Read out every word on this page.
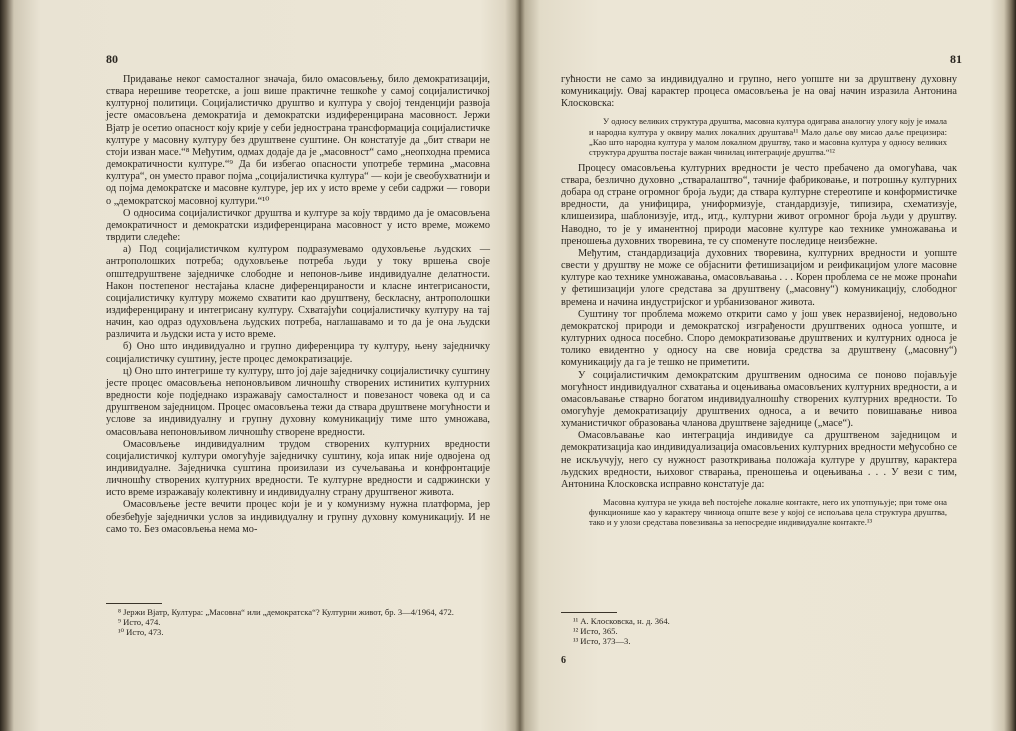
80

Придавање неког самосталног значаја, било омасовљењу, било демократизацији, ствара нерешиве теоретске, а још више практичне тешкоће у самој социјалистичкој културној политици. Социјалистичко друштво и култура у својој тенденцији развоја јесте омасовљена демократија и демократски издиференцирана масовност. Јержи Вјатр је осетио опасност коју крије у себи једнострана трансформација социјалистичке културе у масовну културу без друштвене суштине. Он констатује да „бит ствари не стоји изван масе.“⁸ Међутим, одмах додаје да је „масовност“ само „неопходна премиса демократичности културе.“⁹ Да би избегао опасности употребе термина „масовна култура“, он уместо правог појма „социјалистичка култура“ — који је свеобухватнији и од појма демократске и масовне културе, јер их у исто време у себи садржи — говори о „демократској масовној култури.“¹⁰

О односима социјалистичког друштва и културе за коју тврдимо да је омасовљена демократичност и демократски издиференцирана масовност у исто време, можемо тврдити следеће:

а) Под социјалистичком културом подразумевамо одуховљење људских — антрополошких потреба; одуховљење потреба људи у току вршења своје општедруштвене заједничке слободне и непонов-љиве индивидуалне делатности. Након постепеног нестајања класне диференцираности и класне интегрисаности, социјалистичку културу можемо схватити као друштвену, бескласну, антрополошки издиференцирану и интегрисану културу. Схватајући социјалистичку културу на тај начин, као одраз одуховљена људских потреба, наглашавамо и то да је она људски различита и људски иста у исто време.

б) Оно што индивидуално и групно диференцира ту културу, њену заједничку социјалистичку суштину, јесте процес демократизације.

ц) Оно што интегрише ту културу, што јој даје заједничку социјалистичку суштину јесте процес омасовљења непоновљивом личношћу створених истинитих културних вредности које подједнако изражавају самосталност и повезаност човека од и са друштвеном заједницом. Процес омасовљења тежи да ствара друштвене могућности и услове за индивидуалну и групну духовну комуникацију тиме што умножава, омасовљава непоновљивом личношћу створене вредности.

Омасовљење индивидуалним трудом створених културних вредности социјалистичкој култури омогућује заједничку суштину, која ипак није одвојена од индивидуалне. Заједничка суштина произилази из сучељавања и конфронтације личношћу створених културних вредности. Те културне вредности и садржински у исто време изражавају колективну и индивидуалну страну друштвеног живота.

Омасовљење јесте вечити процес који је и у комунизму нужна платформа, јер обезбеђује заједнички услов за индивидуалну и групну духовну комуникацију. И не само то. Без омасовљења нема мо-

⁸ Јержи Вјатр, Култура: „Масовна“ или „демократска“? Културни живот, бр. 3—4/1964, 472.

⁹ Исто, 474.

¹⁰ Исто, 473.

81

гућности не само за индивидуално и групно, него уопште ни за друштвену духовну комуникацију. Овај карактер процеса омасовљења је на овај начин изразила Антонина Клосковска:

У односу великих структура друштва, масовна култура одиграва аналогну улогу коју је имала и народна култура у оквиру малих локалних друштава¹¹ Мало даље ову мисао даље прецизира: „Као што народна култура у малом локалном друштву, тако и масовна култура у односу великих структура друштва постаје важан чинилац интеграције друштва.“¹²

Процесу омасовљења културних вредности је често пребачено да омогућава, чак ствара, безлично духовно „стваралаштво“, тачније фабриковање, и потрошњу културних добара од стране огромног броја људи; да ствара културне стереотипе и конформистичке вредности, да унифицира, униформизује, стандардизује, типизира, схематизује, клишеизира, шаблонизује, итд., итд., културни живот огромног броја људи у друштву. Наводно, то је у иманентној природи масовне културе као технике умножавања и преношења духовних творевина, те су споменуте последице неизбежне.

Међутим, стандардизација духовних творевина, културних вредности и уопште свести у друштву не може се објаснити фетишизацијом и реификацијом улоге масовне културе као технике умножавања, омасовљавања . . . Корен проблема се не може пронаћи у фетишизацији улоге средстава за друштвену („масовну“) комуникацију, слободног времена и начина индустријског и урбанизованог живота.

Суштину тог проблема можемо открити само у још увек неразвијеној, недовољно демократској природи и демократској изграђености друштвених односа уопште, и културних односа посебно. Споро демократизовање друштвених и културних односа је толико евидентно у односу на све новија средства за друштвену („масовну“) комуникацију да га је тешко не приметити.

У социјалистичким демократским друштвеним односима се поново појављује могућност индивидуалног схватања и оцењивања омасовљених културних вредности, а и омасовљавање стварно богатом индивидуалношћу створених културних вредности. То омогућује демократизацију друштвених односа, а и вечито повишавање нивоа хуманистичког образовања чланова друштвене заједнице („масе“).

Омасовљавање као интеграција индивидуе са друштвеном заједницом и демократизација као индивидуализација омасовљених културних вредности међусобно се не искључују, него су нужност разоткривања положаја културе у друштву, карактера људских вредности, њиховог стварања, преношења и оцењивања . . . У вези с тим, Антонина Клосковска исправно констатује да:

Масовна култура не укида већ постојеће локалне контакте, него их употпуњује; при томе она функционише као у карактеру чиниоца опште везе у којој се испољава цела структура друштва, тако и у улози средстава повезивања за непосредне индивидуалне контакте.¹³

¹¹ А. Клосковска, н. д. 364.

¹² Исто, 365.

¹³ Исто, 373—3.

6
